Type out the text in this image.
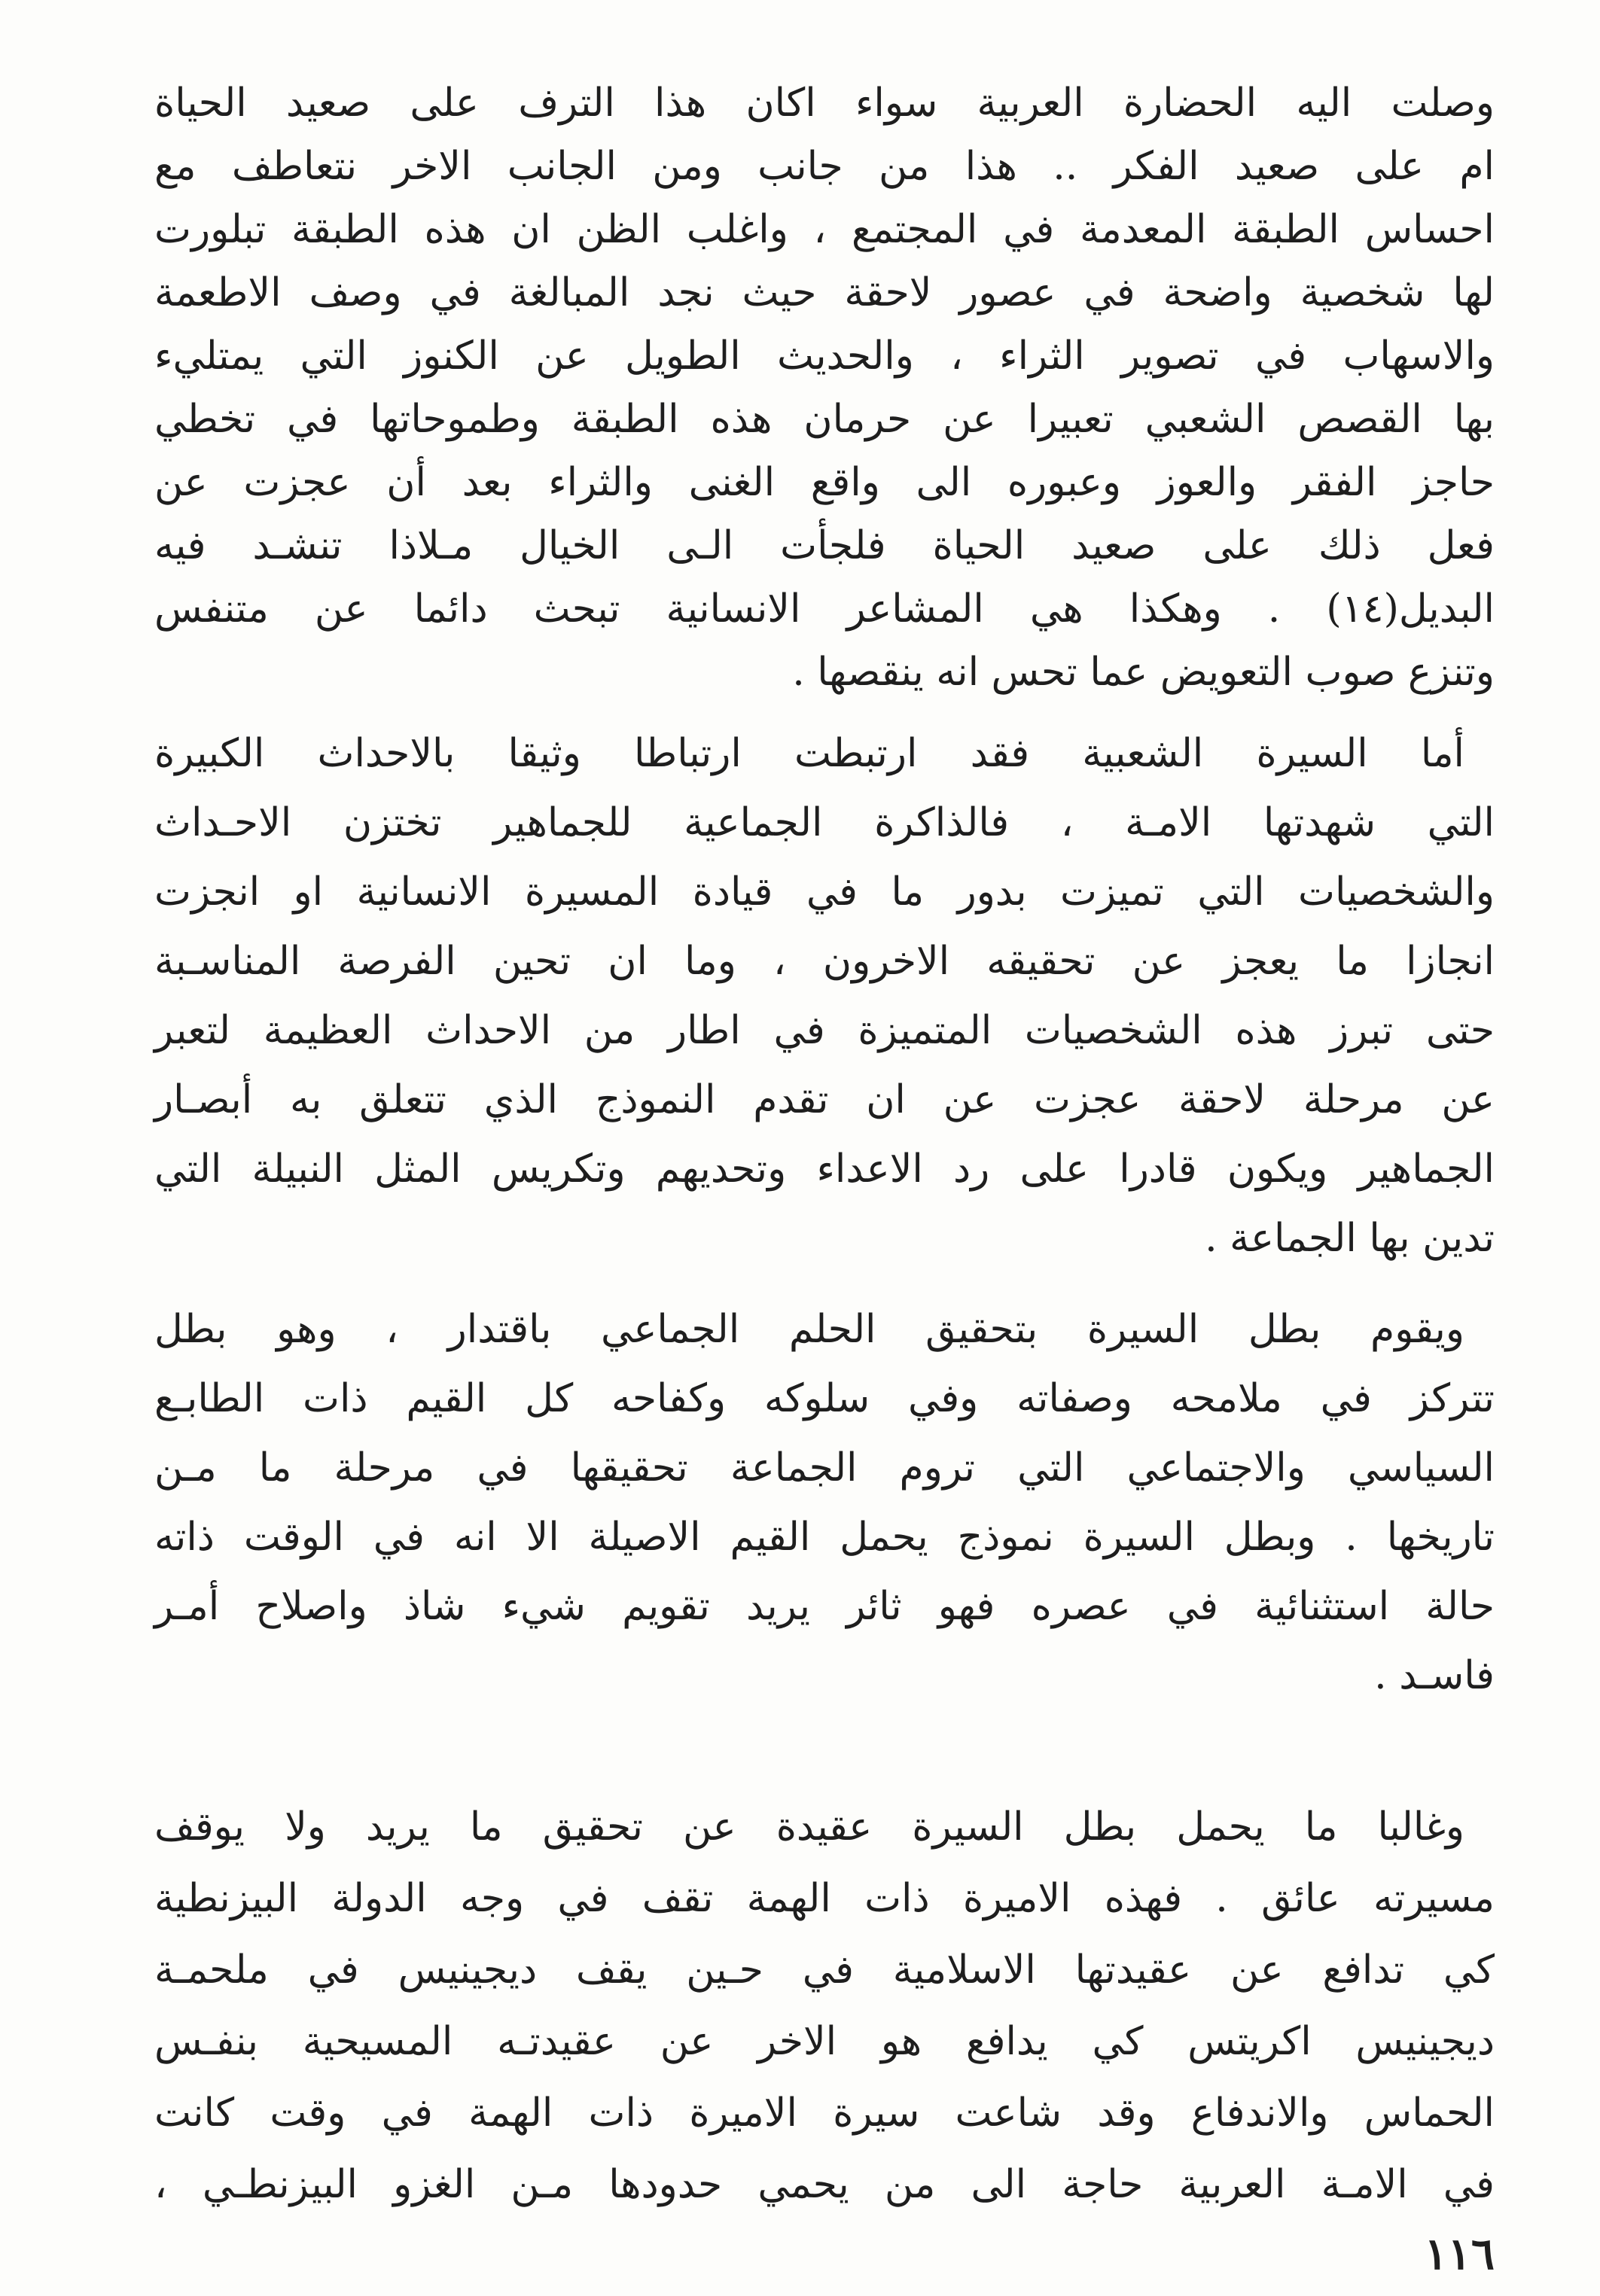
وصلت اليه الحضارة العربية سواء اكان هذا الترف على صعيد الحياة
ام على صعيد الفكر .. هذا من جانب ومن الجانب الاخر نتعاطف مع
احساس الطبقة المعدمة في المجتمع ، واغلب الظن ان هذه الطبقة تبلورت
لها شخصية واضحة في عصور لاحقة حيث نجد المبالغة في وصف الاطعمة
والاسهاب في تصوير الثراء ، والحديث الطويل عن الكنوز التي يمتليء
بها القصص الشعبي تعبيرا عن حرمان هذه الطبقة وطموحاتها في تخطي
حاجز الفقر والعوز وعبوره الى واقع الغنى والثراء بعد أن عجزت عن
فعل ذلك على صعيد الحياة فلجأت الـى الخيال مـلاذا تنشـد فيه
البديل(١٤) . وهكذا هي المشاعر الانسانية تبحث دائما عن متنفس
وتنزع صوب التعويض عما تحس انه ينقصها .
أما السيرة الشعبية فقد ارتبطت ارتباطا وثيقا بالاحداث الكبيرة
التي شهدتها الامـة ، فالذاكرة الجماعية للجماهير تختزن الاحـداث
والشخصيات التي تميزت بدور ما في قيادة المسيرة الانسانية او انجزت
انجازا ما يعجز عن تحقيقه الاخرون ، وما ان تحين الفرصة المناسـبة
حتى تبرز هذه الشخصيات المتميزة في اطار من الاحداث العظيمة لتعبر
عن مرحلة لاحقة عجزت عن ان تقدم النموذج الذي تتعلق به أبصـار
الجماهير ويكون قادرا على رد الاعداء وتحديهم وتكريس المثل النبيلة التي
تدين بها الجماعة .
ويقوم بطل السيرة بتحقيق الحلم الجماعي باقتدار ، وهو بطل
تتركز في ملامحه وصفاته وفي سلوكه وكفاحه كل القيم ذات الطابـع
السياسي والاجتماعي التي تروم الجماعة تحقيقها في مرحلة ما مـن
تاريخها . وبطل السيرة نموذج يحمل القيم الاصيلة الا انه في الوقت ذاته
حالة استثنائية في عصره فهو ثائر يريد تقويم شيء شاذ واصلاح أمـر
فاسـد .
وغالبا ما يحمل بطل السيرة عقيدة عن تحقيق ما يريد ولا يوقف
مسيرته عائق . فهذه الاميرة ذات الهمة تقف في وجه الدولة البيزنطية
كي تدافع عن عقيدتها الاسلامية في حـين يقف ديجينيس في ملحمـة
ديجينيس اكريتس كي يدافع هو الاخر عن عقيدتـه المسيحية بنفـس
الحماس والاندفاع وقد شاعت سيرة الاميرة ذات الهمة في وقت كانت
في الامـة العربية حاجة الى من يحمي حدودها مـن الغزو البيزنطـي ،
١١٦
